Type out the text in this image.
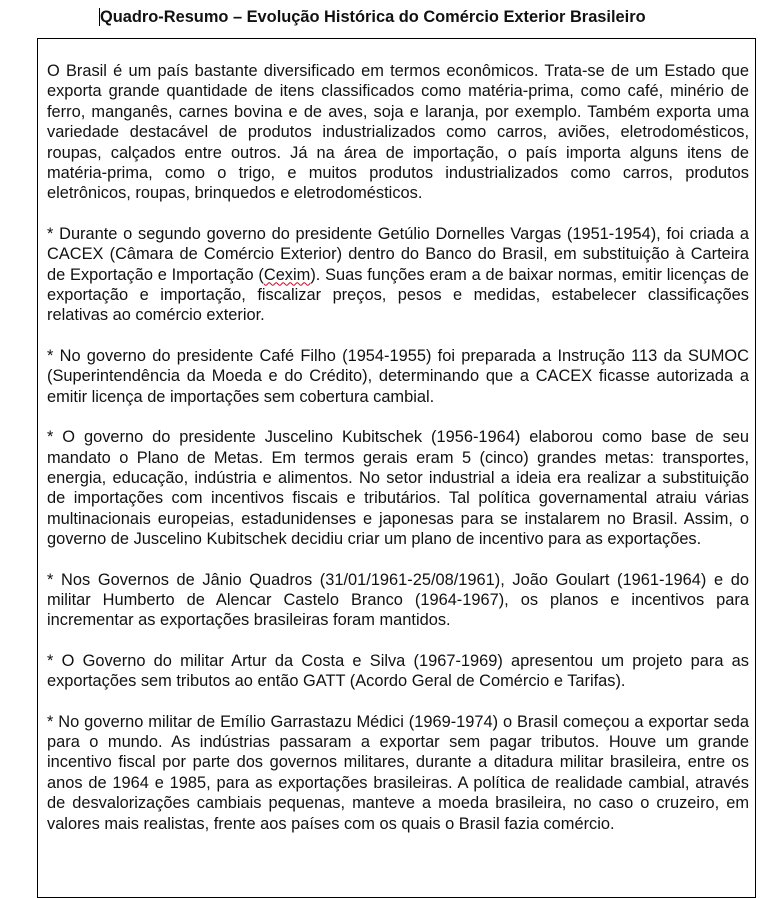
Quadro-Resumo – Evolução Histórica do Comércio Exterior Brasileiro

O Brasil é um país bastante diversificado em termos econômicos. Trata-se de um Estado que exporta grande quantidade de itens classificados como matéria-prima, como café, minério de ferro, manganês, carnes bovina e de aves, soja e laranja, por exemplo. Também exporta uma variedade destacável de produtos industrializados como carros, aviões, eletrodomésticos, roupas, calçados entre outros. Já na área de importação, o país importa alguns itens de matéria-prima, como o trigo, e muitos produtos industrializados como carros, produtos eletrônicos, roupas, brinquedos e eletrodomésticos.

* Durante o segundo governo do presidente Getúlio Dornelles Vargas (1951-1954), foi criada a CACEX (Câmara de Comércio Exterior) dentro do Banco do Brasil, em substituição à Carteira de Exportação e Importação (Cexim). Suas funções eram a de baixar normas, emitir licenças de exportação e importação, fiscalizar preços, pesos e medidas, estabelecer classificações relativas ao comércio exterior.

* No governo do presidente Café Filho (1954-1955) foi preparada a Instrução 113 da SUMOC (Superintendência da Moeda e do Crédito), determinando que a CACEX ficasse autorizada a emitir licença de importações sem cobertura cambial.

* O governo do presidente Juscelino Kubitschek (1956-1964) elaborou como base de seu mandato o Plano de Metas. Em termos gerais eram 5 (cinco) grandes metas: transportes, energia, educação, indústria e alimentos. No setor industrial a ideia era realizar a substituição de importações com incentivos fiscais e tributários. Tal política governamental atraiu várias multinacionais europeias, estadunidenses e japonesas para se instalarem no Brasil. Assim, o governo de Juscelino Kubitschek decidiu criar um plano de incentivo para as exportações.

* Nos Governos de Jânio Quadros (31/01/1961-25/08/1961), João Goulart (1961-1964) e do militar Humberto de Alencar Castelo Branco (1964-1967), os planos e incentivos para incrementar as exportações brasileiras foram mantidos.

* O Governo do militar Artur da Costa e Silva (1967-1969) apresentou um projeto para as exportações sem tributos ao então GATT (Acordo Geral de Comércio e Tarifas).

* No governo militar de Emílio Garrastazu Médici (1969-1974) o Brasil começou a exportar seda para o mundo. As indústrias passaram a exportar sem pagar tributos. Houve um grande incentivo fiscal por parte dos governos militares, durante a ditadura militar brasileira, entre os anos de 1964 e 1985, para as exportações brasileiras. A política de realidade cambial, através de desvalorizações cambiais pequenas, manteve a moeda brasileira, no caso o cruzeiro, em valores mais realistas, frente aos países com os quais o Brasil fazia comércio.
